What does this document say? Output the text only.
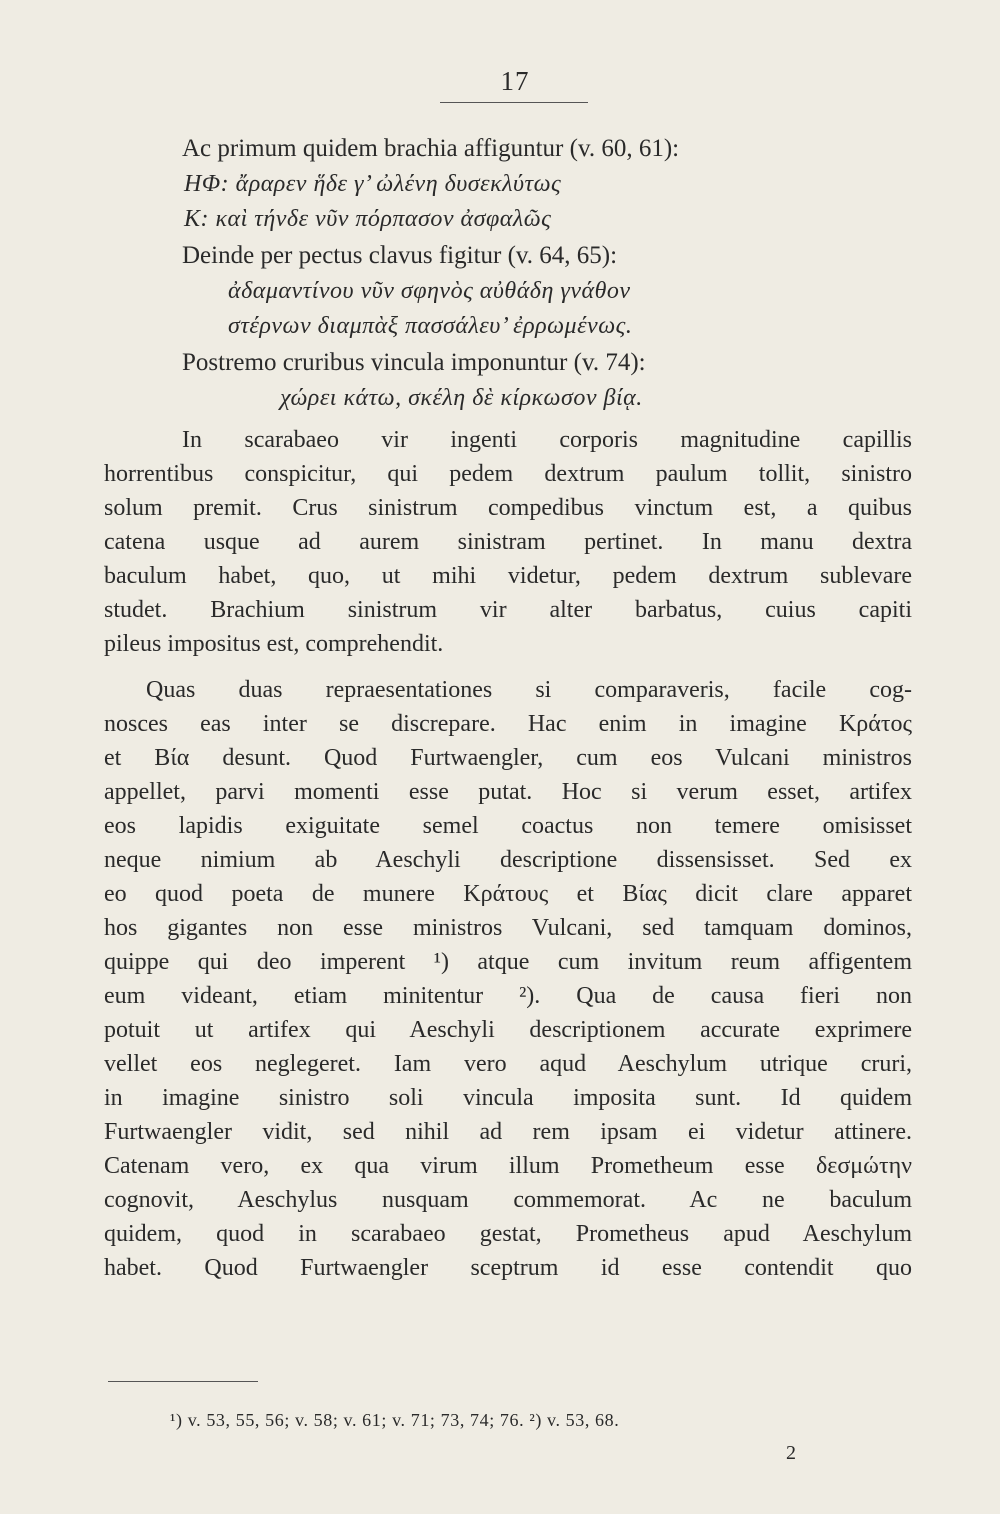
17
Ac primum quidem brachia affiguntur (v. 60, 61):
ΗΦ: ἄραρεν ἥδε γ’ ὠλένη δυσεκλύτως
Κ: καὶ τήνδε νῦν πόρπασον ἀσφαλῶς
Deinde per pectus clavus figitur (v. 64, 65):
ἀδαμαντίνου νῦν σφηνὸς αὐθάδη γνάθον
στέρνων διαμπὰξ πασσάλευ’ ἐρρωμένως.
Postremo cruribus vincula imponuntur (v. 74):
χώρει κάτω, σκέλη δὲ κίρκωσον βίᾳ.
In scarabaeo vir ingenti corporis magnitudine capillis
horrentibus conspicitur, qui pedem dextrum paulum tollit, sinistro
solum premit. Crus sinistrum compedibus vinctum est, a quibus
catena usque ad aurem sinistram pertinet. In manu dextra
baculum habet, quo, ut mihi videtur, pedem dextrum sublevare
studet. Brachium sinistrum vir alter barbatus, cuius capiti
pileus impositus est, comprehendit.
Quas duas repraesentationes si comparaveris, facile cog-
nosces eas inter se discrepare. Hac enim in imagine Κράτος
et Βία desunt. Quod Furtwaengler, cum eos Vulcani ministros
appellet, parvi momenti esse putat. Hoc si verum esset, artifex
eos lapidis exiguitate semel coactus non temere omisisset
neque nimium ab Aeschyli descriptione dissensisset. Sed ex
eo quod poeta de munere Κράτους et Βίας dicit clare apparet
hos gigantes non esse ministros Vulcani, sed tamquam dominos,
quippe qui deo imperent ¹) atque cum invitum reum affigentem
eum videant, etiam minitentur ²). Qua de causa fieri non
potuit ut artifex qui Aeschyli descriptionem accurate exprimere
vellet eos neglegeret. Iam vero aqud Aeschylum utrique cruri,
in imagine sinistro soli vincula imposita sunt. Id quidem
Furtwaengler vidit, sed nihil ad rem ipsam ei videtur attinere.
Catenam vero, ex qua virum illum Prometheum esse δεσμώτην
cognovit, Aeschylus nusquam commemorat. Ac ne baculum
quidem, quod in scarabaeo gestat, Prometheus apud Aeschylum
habet. Quod Furtwaengler sceptrum id esse contendit quo
¹) v. 53, 55, 56; v. 58; v. 61; v. 71; 73, 74; 76. ²) v. 53, 68.
2
